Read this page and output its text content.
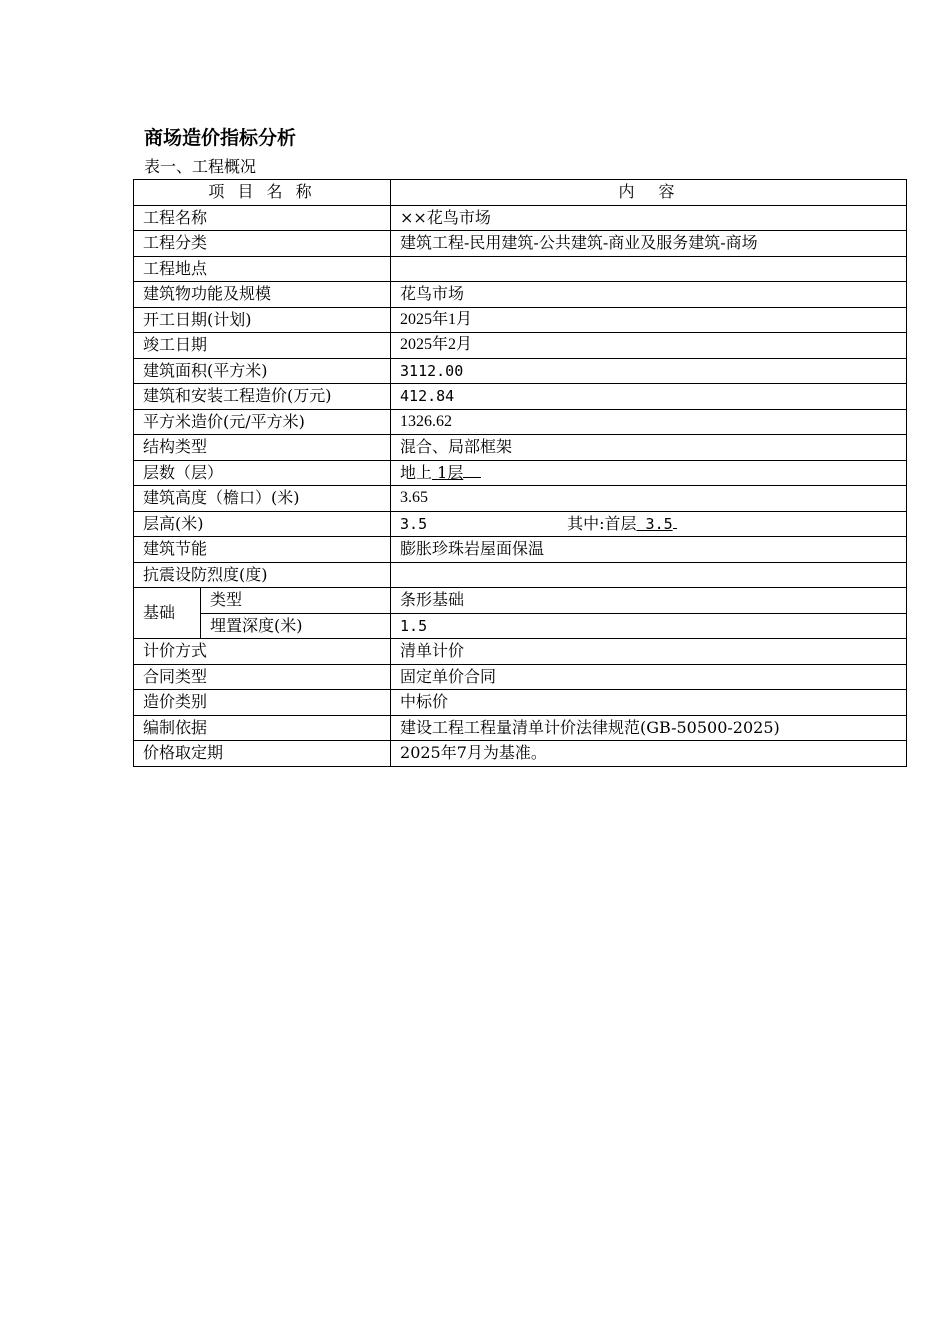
商场造价指标分析
表一、工程概况
项 目 名 称		内　容
工程名称		××花鸟市场
工程分类		建筑工程-民用建筑-公共建筑-商业及服务建筑-商场
工程地点		
建筑物功能及规模		花鸟市场
开工日期(计划)		2025年1月
竣工日期		2025年2月
建筑面积(平方米)		3112.00
建筑和安装工程造价(万元)		412.84
平方米造价(元/平方米)		1326.62
结构类型		混合、局部框架
层数（层）		地上 1层
建筑高度（檐口）(米)		3.65
层高(米)		3.5 其中:首层 3.5
建筑节能		膨胀珍珠岩屋面保温
抗震设防烈度(度)		
基础	类型	条形基础
	埋置深度(米)	1.5
计价方式		清单计价
合同类型		固定单价合同
造价类别		中标价
编制依据		建设工程工程量清单计价法律规范(GB-50500-2025)
价格取定期		2025年7月为基准。
